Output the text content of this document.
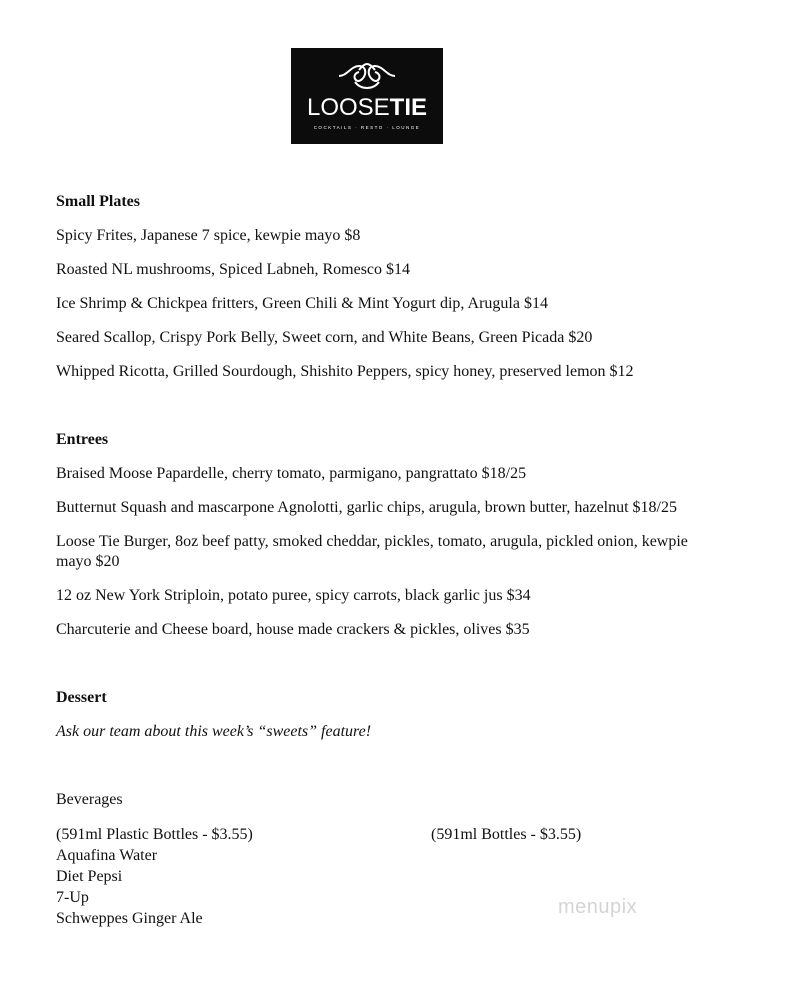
LOOSETIE
COCKTAILS · RESTO · LOUNGE
Small Plates
Spicy Frites, Japanese 7 spice, kewpie mayo $8
Roasted NL mushrooms, Spiced Labneh, Romesco $14
Ice Shrimp & Chickpea fritters, Green Chili & Mint Yogurt dip, Arugula $14
Seared Scallop, Crispy Pork Belly, Sweet corn, and White Beans, Green Picada $20
Whipped Ricotta, Grilled Sourdough, Shishito Peppers, spicy honey, preserved lemon $12
Entrees
Braised Moose Papardelle, cherry tomato, parmigano, pangrattato $18/25
Butternut Squash and mascarpone Agnolotti, garlic chips, arugula, brown butter, hazelnut $18/25
Loose Tie Burger, 8oz beef patty, smoked cheddar, pickles, tomato, arugula, pickled onion, kewpie mayo $20
12 oz New York Striploin, potato puree, spicy carrots, black garlic jus $34
Charcuterie and Cheese board, house made crackers & pickles, olives $35
Dessert
Ask our team about this week’s “sweets” feature!
Beverages
(591ml Plastic Bottles - $3.55)
Aquafina Water
Diet Pepsi
7-Up
Schweppes Ginger Ale
(591ml Bottles - $3.55)
menupix
